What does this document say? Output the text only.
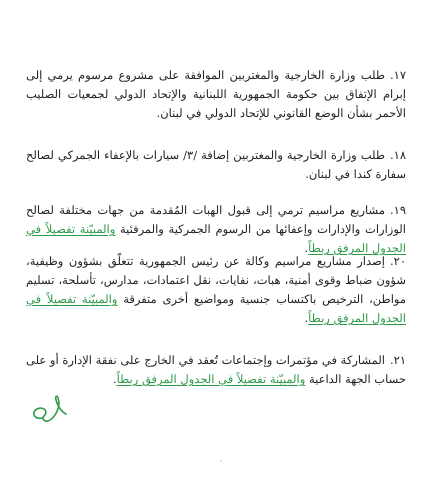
١٧.طلب وزارة الخارجية والمغتربين الموافقة على مشروع مرسوم يرمي إلى إبرام الإتفاق بين حكومة الجمهورية اللبنانية والإتحاد الدولي لجمعيات الصليب الأحمر بشأن الوضع القانوني للإتحاد الدولي في لبنان.
١٨.طلب وزارة الخارجية والمغتربين إضافة /٣/ سيارات بالإعفاء الجمركي لصالح سفارة كندا في لبنان.
١٩.مشاريع مراسيم ترمي إلى قبول الهبات المُقدمة من جهات مختلفة لصالح الوزارات والإدارات وإعفائها من الرسوم الجمركية والمرفئية والمبيّنة تفصيلاً في الجدول المرفق ربطاً.
٢٠.إصدار مشاريع مراسيم وكالة عن رئيس الجمهورية تتعلّق بشؤون وظيفية، شؤون ضباط وقوى أمنية، هبات، نفايات، نقل اعتمادات، مدارس، تأسلحة، تسليم مواطن، الترخيص باكتساب جنسية ومواضيع أخرى متفرقة والمبيّنة تفصيلاً في الجدول المرفق ربطاً.
٢١.المشاركة في مؤتمرات وإجتماعات تُعقد في الخارج على نفقة الإدارة أو على حساب الجهة الداعية والمبيّنة تفصيلاً في الجدول المرفق ربطاً.
